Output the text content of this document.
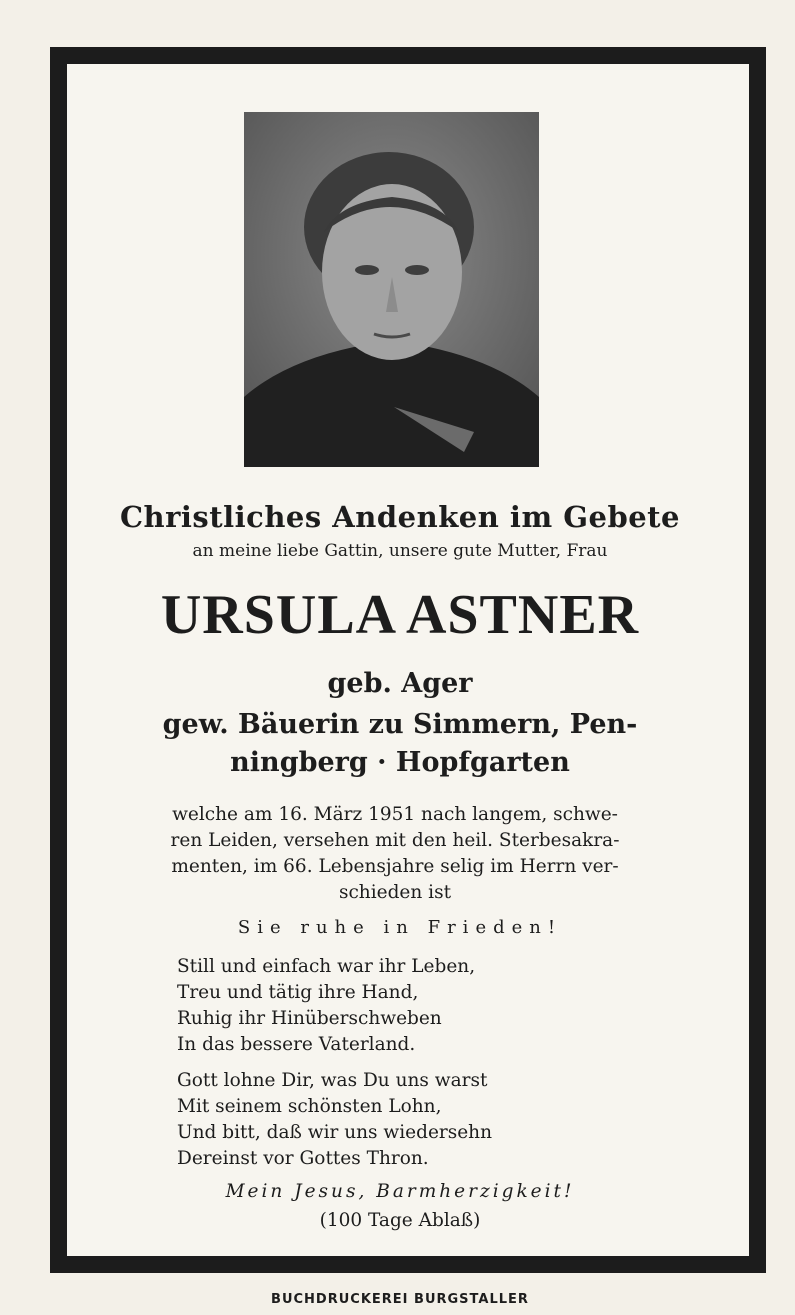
Christliches Andenken im Gebete

an meine liebe Gattin, unsere gute Mutter, Frau

URSULA ASTNER

geb. Ager

gew. Bäuerin zu Simmern, Pen-
ningberg · Hopfgarten

welche am 16. März 1951 nach langem, schwe-
ren Leiden, versehen mit den heil. Sterbesakra-
menten, im 66. Lebensjahre selig im Herrn ver-
schieden ist

Sie ruhe in Frieden!

Still und einfach war ihr Leben,
Treu und tätig ihre Hand,
Ruhig ihr Hinüberschweben
In das bessere Vaterland.

Gott lohne Dir, was Du uns warst
Mit seinem schönsten Lohn,
Und bitt, daß wir uns wiedersehn
Dereinst vor Gottes Thron.

Mein Jesus, Barmherzigkeit!

(100 Tage Ablaß)

BUCHDRUCKEREI BURGSTALLER
